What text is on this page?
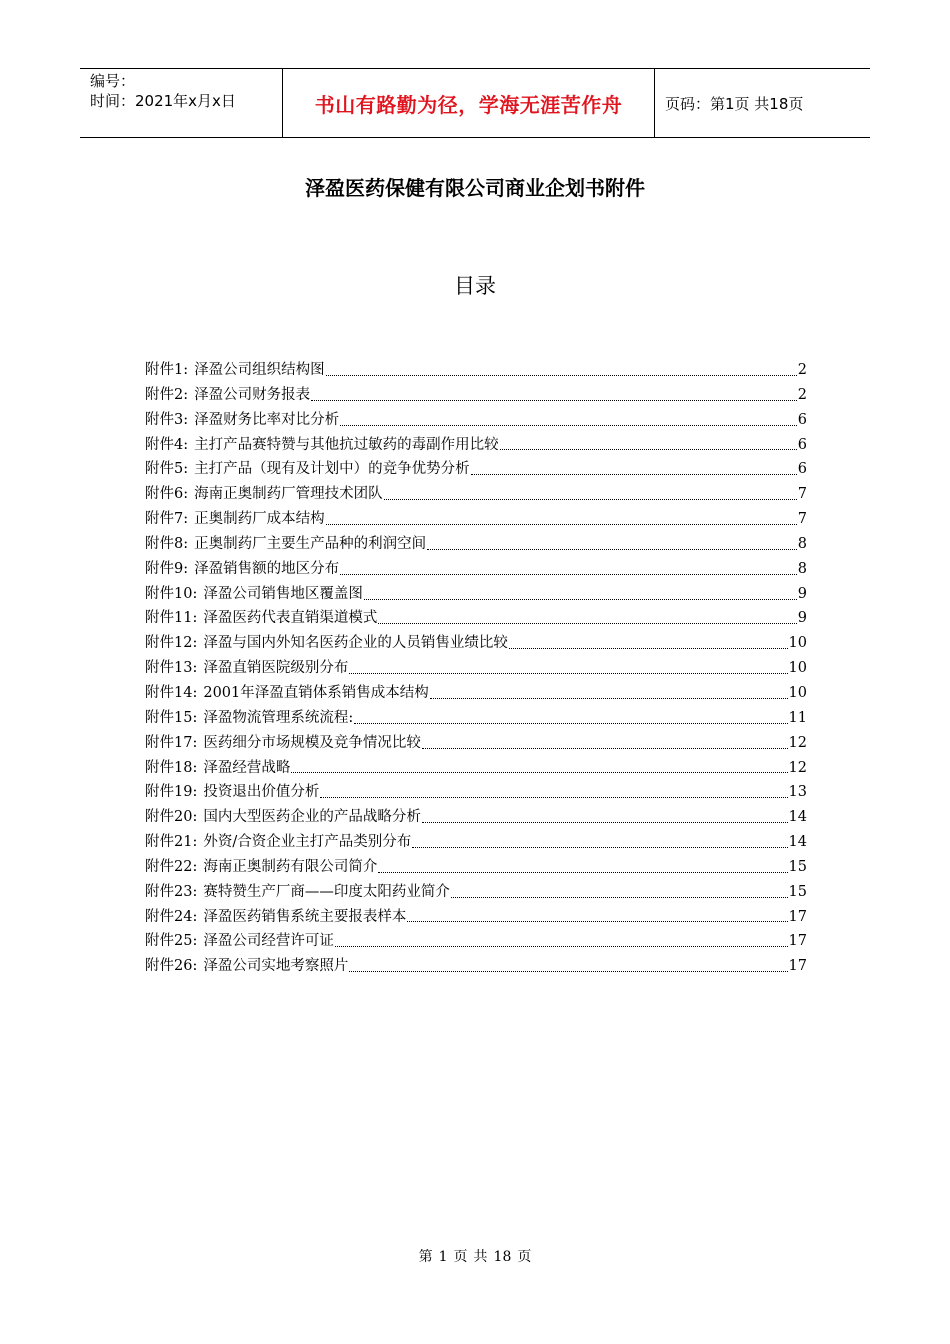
编号：
时间：2021年x月x日	书山有路勤为径，学海无涯苦作舟	页码：第1页 共18页
泽盈医药保健有限公司商业企划书附件
目录
附件1: 泽盈公司组织结构图	2
附件2: 泽盈公司财务报表	2
附件3: 泽盈财务比率对比分析	6
附件4: 主打产品赛特赞与其他抗过敏药的毒副作用比较	6
附件5: 主打产品（现有及计划中）的竞争优势分析	6
附件6: 海南正奥制药厂管理技术团队	7
附件7: 正奥制药厂成本结构	7
附件8: 正奥制药厂主要生产品种的利润空间	8
附件9: 泽盈销售额的地区分布	8
附件10: 泽盈公司销售地区覆盖图	9
附件11: 泽盈医药代表直销渠道模式	9
附件12: 泽盈与国内外知名医药企业的人员销售业绩比较	10
附件13: 泽盈直销医院级别分布	10
附件14: 2001年泽盈直销体系销售成本结构	10
附件15: 泽盈物流管理系统流程:	11
附件17: 医药细分市场规模及竞争情况比较	12
附件18: 泽盈经营战略	12
附件19: 投资退出价值分析	13
附件20: 国内大型医药企业的产品战略分析	14
附件21: 外资/合资企业主打产品类别分布	14
附件22: 海南正奥制药有限公司简介	15
附件23: 赛特赞生产厂商——印度太阳药业简介	15
附件24: 泽盈医药销售系统主要报表样本	17
附件25: 泽盈公司经营许可证	17
附件26: 泽盈公司实地考察照片	17
第 1 页 共 18 页
